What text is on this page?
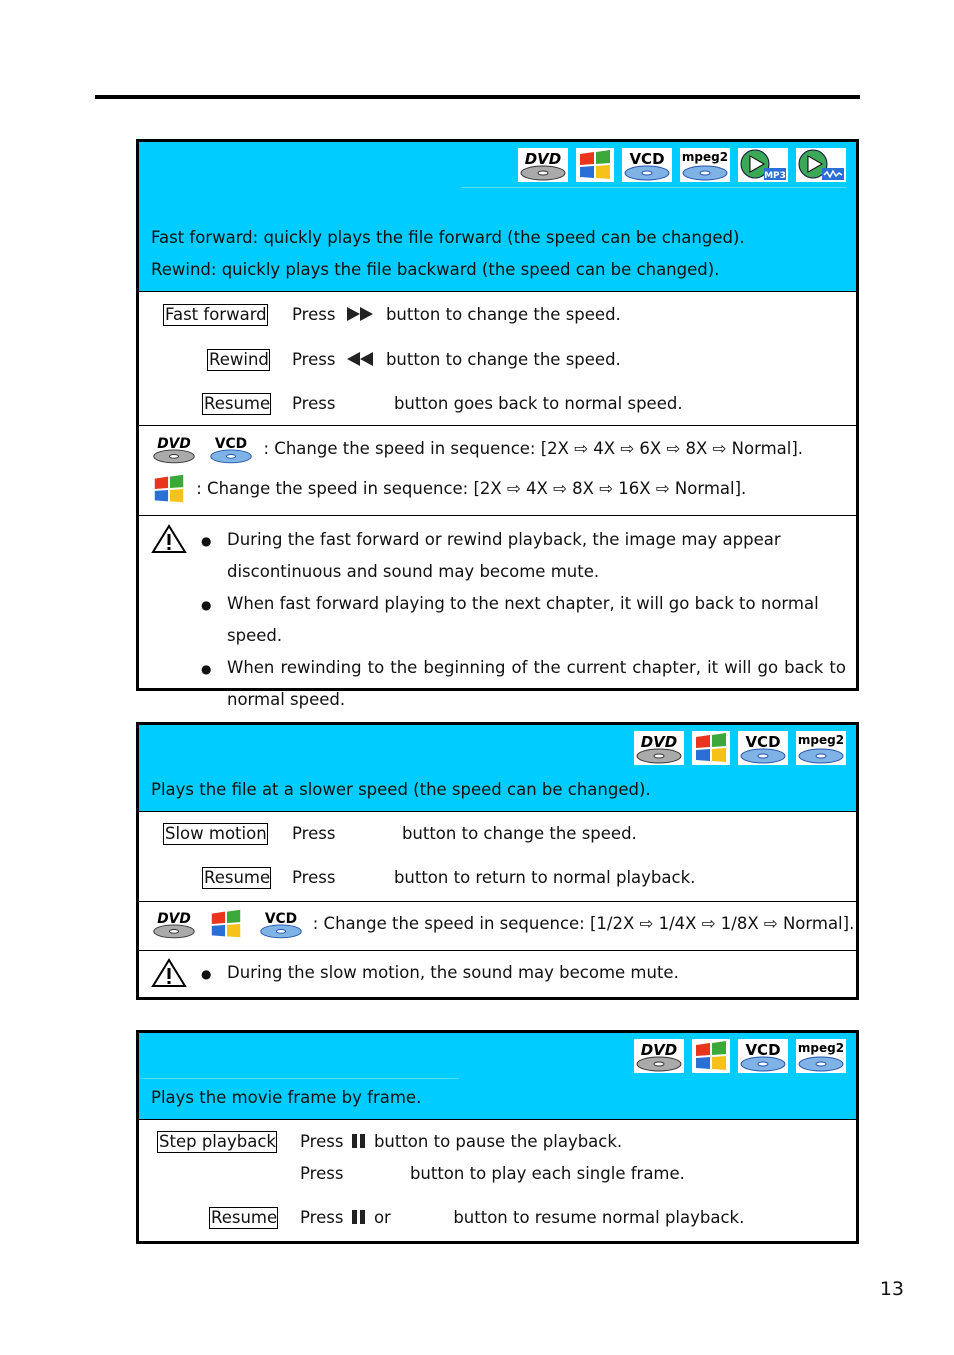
DVD	VCD mpeg2
MP3
Fast forward: quickly plays the file forward (the speed can be changed).
Rewind: quickly plays the file backward (the speed can be changed).
Fast forward Press	button to change the speed.
Rewind Press	button to change the speed.
Resume Press	button goes back to normal speed.
DVD
VCD : Change the speed in sequence: [2X ⇨ 4X ⇨ 6X ⇨ 8X ⇨ Normal].
: Change the speed in sequence: [2X ⇨ 4X ⇨ 8X ⇨ 16X ⇨ Normal].
● During the fast forward or rewind playback, the image may appear discontinuous and sound may become mute.
● When fast forward playing to the next chapter, it will go back to normal speed.
● When rewinding to the beginning of the current chapter, it will go back to normal speed.
DVD	VCD mpeg2
Plays the file at a slower speed (the speed can be changed).
Slow motion Press	button to change the speed.
Resume Press	button to return to normal playback.
DVD
	VCD : Change the speed in sequence: [1/2X ⇨ 1/4X ⇨ 1/8X ⇨ Normal].
● During the slow motion, the sound may become mute.
DVD	VCD mpeg2
Plays the movie frame by frame.
Step playback Press button to pause the playback.
Press	button to play each single frame.
Resume Press or	button to resume normal playback.
13
